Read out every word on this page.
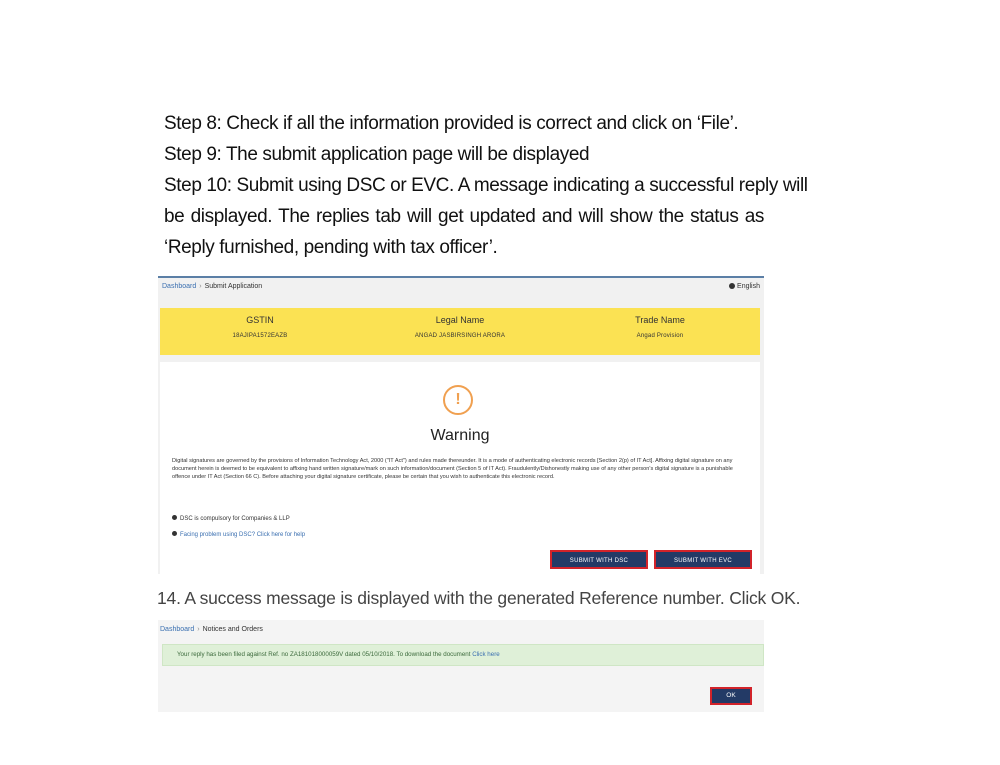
Step 8: Check if all the information provided is correct and click on ‘File’.
Step 9: The submit application page will be displayed
Step 10: Submit using DSC or EVC. A message indicating a successful reply will
be displayed. The replies tab will get updated and will show the status as
‘Reply furnished, pending with tax officer’.
Dashboard › Submit Application	English
GSTIN
18AJIPA1572EAZB
Legal Name
ANGAD JASBIRSINGH ARORA
Trade Name
Angad Provision
!
Warning
Digital signatures are governed by the provisions of Information Technology Act, 2000 ("IT Act") and rules made thereunder. It is a mode of authenticating electronic records [Section 2(p) of IT Act]. Affixing digital signature on any document herein is deemed to be equivalent to affixing hand written signature/mark on such information/document (Section 5 of IT Act). Fraudulently/Dishonestly making use of any other person's digital signature is a punishable offence under IT Act (Section 66 C). Before attaching your digital signature certificate, please be certain that you wish to authenticate this electronic record.
DSC is compulsory for Companies & LLP
Facing problem using DSC? Click here for help
SUBMIT WITH DSC	SUBMIT WITH EVC
14. A success message is displayed with the generated Reference number. Click OK.
Dashboard › Notices and Orders
Your reply has been filed against Ref. no ZA181018000059V dated 05/10/2018. To download the document Click here
OK
